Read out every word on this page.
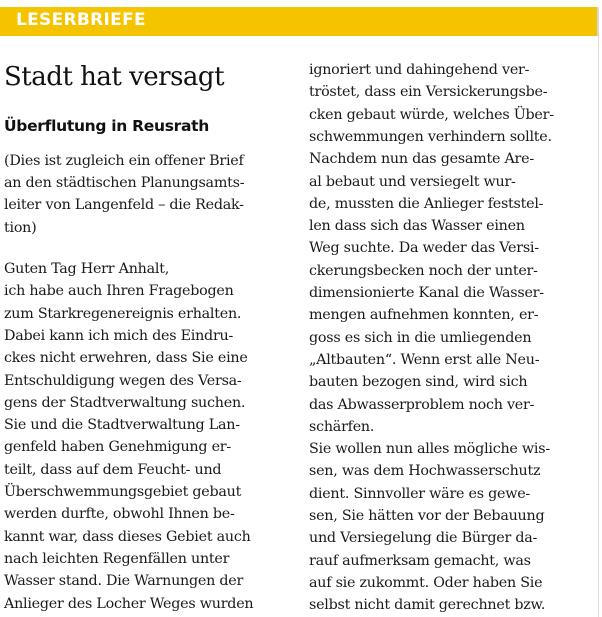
LESERBRIEFE
Stadt hat versagt
Überflutung in Reusrath
(Dies ist zugleich ein offener Brief
an den städtischen Planungsamts-
leiter von Langenfeld – die Redak-
tion)
Guten Tag Herr Anhalt,
ich habe auch Ihren Fragebogen
zum Starkregenereignis erhalten.
Dabei kann ich mich des Eindru-
ckes nicht erwehren, dass Sie eine
Entschuldigung wegen des Versa-
gens der Stadtverwaltung suchen.
Sie und die Stadtverwaltung Lan-
genfeld haben Genehmigung er-
teilt, dass auf dem Feucht- und
Überschwemmungsgebiet gebaut
werden durfte, obwohl Ihnen be-
kannt war, dass dieses Gebiet auch
nach leichten Regenfällen unter
Wasser stand. Die Warnungen der
Anlieger des Locher Weges wurden
ignoriert und dahingehend ver-
tröstet, dass ein Versickerungsbe-
cken gebaut würde, welches Über-
schwemmungen verhindern sollte.
Nachdem nun das gesamte Are-
al bebaut und versiegelt wur-
de, mussten die Anlieger feststel-
len dass sich das Wasser einen
Weg suchte. Da weder das Versi-
ckerungsbecken noch der unter-
dimensionierte Kanal die Wasser-
mengen aufnehmen konnten, er-
goss es sich in die umliegenden
„Altbauten“. Wenn erst alle Neu-
bauten bezogen sind, wird sich
das Abwasserproblem noch ver-
schärfen.
Sie wollen nun alles mögliche wis-
sen, was dem Hochwasserschutz
dient. Sinnvoller wäre es gewe-
sen, Sie hätten vor der Bebauung
und Versiegelung die Bürger da-
rauf aufmerksam gemacht, was
auf sie zukommt. Oder haben Sie
selbst nicht damit gerechnet bzw.
